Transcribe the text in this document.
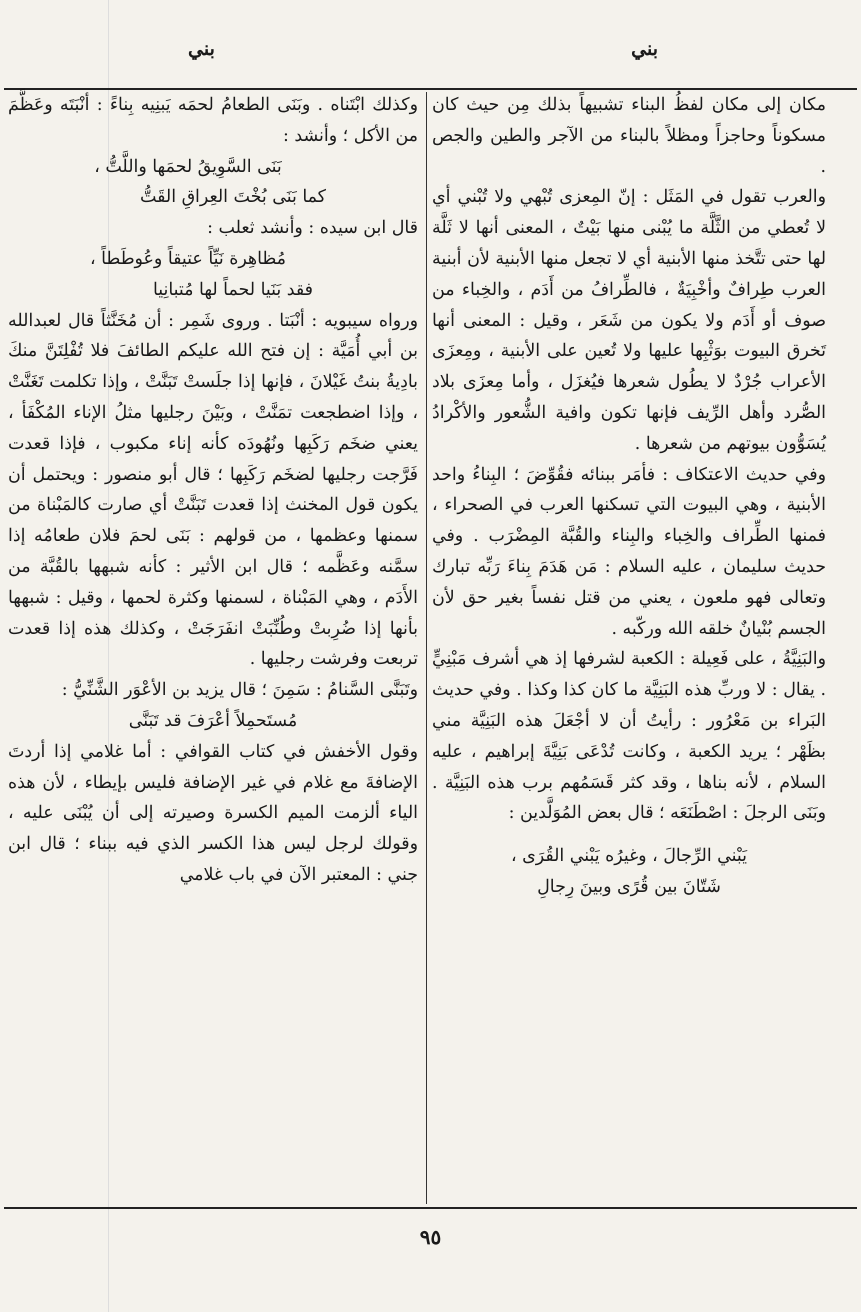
بني
بني

مكان إلى مكان لفظُ البناء تشبيهاً بذلك مِن حيث كان مسكوناً وحاجزاً ومظلاً بالبناء من الآجر والطين والجص .

والعرب تقول في المَثَل : إنّ المِعزى تُبْهي ولا تُبْني أي لا تُعطي من الثَّلَّة ما يُبْنى منها بَيْتٌ ، المعنى أنها لا ثَلَّة لها حتى تتَّخذ منها الأبنية أي لا تجعل منها الأبنية لأن أبنية العرب طِرافٌ وأخْبِيَةٌ ، فالطِّرافُ من أَدَم ، والخِباء من صوف أو أَدَم ولا يكون من شَعَر ، وقيل : المعنى أنها تَخرق البيوت بوَثْبِها عليها ولا تُعين على الأبنية ، ومِعزَى الأعراب جُرْدٌ لا يطُول شعرها فيُغزَل ، وأما مِعزَى بلاد الصُّرد وأهل الرِّيف فإنها تكون وافية الشُّعور والأكْرادُ يُسَوُّون بيوتهم من شعرها .

وفي حديث الاعتكاف : فأمَر ببنائه فقُوِّضَ ؛ البِناءُ واحد الأبنية ، وهي البيوت التي تسكنها العرب في الصحراء ، فمنها الطِّراف والخِباء والبِناء والقُبَّة المِضْرَب . وفي حديث سليمان ، عليه السلام : مَن هَدَمَ بِناءَ رَبِّه تبارك وتعالى فهو ملعون ، يعني من قتل نفساً بغير حق لأن الجسم بُنْيانٌ خلقه الله وركّبه .

والبَنِيَّةُ ، على فَعِيلة : الكعبة لشرفها إذ هي أشرف مَبْنِيٍّ . يقال : لا وربِّ هذه البَنِيَّة ما كان كذا وكذا . وفي حديث البَراء بن مَعْرُور : رأيتُ أن لا أجْعَلَ هذه البَنِيَّة مني بظَهْر ؛ يريد الكعبة ، وكانت تُدْعَى بَنِيَّةَ إبراهيم ، عليه السلام ، لأنه بناها ، وقد كثر قَسَمُهم برب هذه البَنِيَّة . وبَنَى الرجلَ : اصْطَنَعَه ؛ قال بعض المُوَلَّدين :

يَبْني الرِّجالَ ، وغيرُه يَبْني القُرَى ،

شَتّانَ بين قُرًى وبينَ رِجالِ

وكذلك ابْتَناه . وبَنَى الطعامُ لحمَه يَبنِيه بِناءً : أنْبَتَه وعَظَّمَ من الأكل ؛ وأنشد :

بَنَى السَّوِيقُ لحمَها واللَّتُّ ،

كما بَنَى بُخْتَ العِراقِ القَتُّ

قال ابن سيده : وأنشد ثعلب :

مُظاهِرة نَيِّاً عتيقاً وعُوطَطاً ،

فقد بَنَيا لحماً لها مُتبانِيا

ورواه سيبويه : أنْبَتا . وروى شَمِر : أن مُخَنَّثاً قال لعبدالله بن أبي أُمَيَّة : إن فتح الله عليكم الطائفَ فلا تُفْلِتَنَّ منكَ بادِيةُ بنتُ غَيْلانَ ، فإنها إذا جلَستْ تَبَنَّتْ ، وإذا تكلمت تَغَنَّتْ ، وإذا اضطجعت تمَنَّتْ ، وبَيْنَ رجليها مثلُ الإناء المُكْفَأ ، يعني ضخَم رَكَبِها ونُهُودَه كأنه إناء مكبوب ، فإذا قعدت فَرَّجت رجليها لضخَم رَكَبِها ؛ قال أبو منصور : ويحتمل أن يكون قول المخنث إذا قعدت تَبَنَّتْ أي صارت كالمَبْناة من سمنها وعظمها ، من قولهم : بَنَى لحمَ فلان طعامُه إذا سمَّنه وعَظَّمه ؛ قال ابن الأثير : كأنه شبهها بالقُبَّة من الأَدَم ، وهي المَبْناة ، لسمنها وكثرة لحمها ، وقيل : شبهها بأنها إذا ضُرِبتْ وطُنِّبَتْ انفَرَجَتْ ، وكذلك هذه إذا قعدت تربعت وفرشت رجليها .

وتَبَنَّى السَّنامُ : سَمِنَ ؛ قال يزيد بن الأعْوَر الشَّنِّيُّ :

مُستَحمِلاً أعْرَفَ قد تَبَنَّى

وقول الأخفش في كتاب القوافي : أما غلامي إذا أردتَ الإضافةَ مع غلام في غير الإضافة فليس بإيطاء ، لأن هذه الياء ألزمت الميم الكسرة وصيرته إلى أن يُبْنَى عليه ، وقولك لرجل ليس هذا الكسر الذي فيه ببناء ؛ قال ابن جني : المعتبر الآن في باب غلامي

٩٥
